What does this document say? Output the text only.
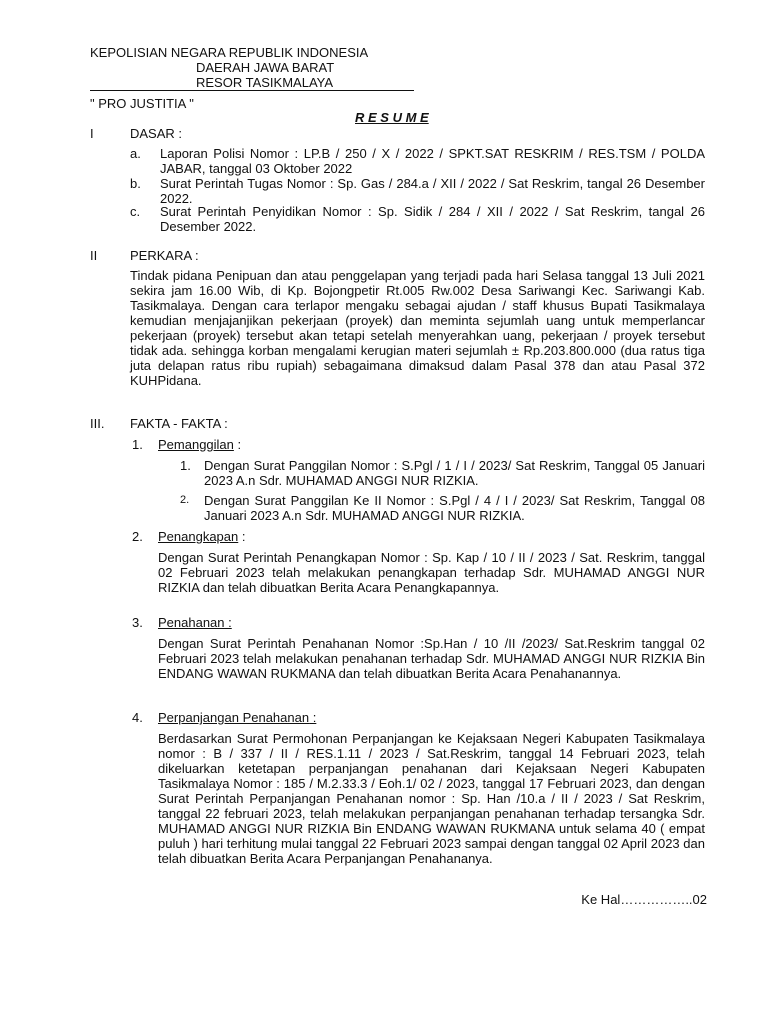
KEPOLISIAN NEGARA REPUBLIK INDONESIA
DAERAH JAWA BARAT
RESOR TASIKMALAYA
" PRO JUSTITIA "
R E S U M E
I	DASAR :
a. Laporan Polisi Nomor : LP.B / 250 / X / 2022 / SPKT.SAT RESKRIM / RES.TSM / POLDA JABAR, tanggal 03 Oktober 2022
b. Surat Perintah Tugas Nomor : Sp. Gas / 284.a / XII / 2022 / Sat Reskrim, tangal 26 Desember 2022.
c. Surat Perintah Penyidikan Nomor : Sp. Sidik / 284 / XII / 2022 / Sat Reskrim, tangal 26 Desember 2022.
II	PERKARA :
Tindak pidana Penipuan dan atau penggelapan yang terjadi pada hari Selasa tanggal 13 Juli 2021 sekira jam 16.00 Wib, di Kp. Bojongpetir Rt.005 Rw.002 Desa Sariwangi Kec. Sariwangi Kab. Tasikmalaya. Dengan cara terlapor mengaku sebagai ajudan / staff khusus Bupati Tasikmalaya kemudian menjajanjikan pekerjaan (proyek) dan meminta sejumlah uang untuk memperlancar pekerjaan (proyek) tersebut akan tetapi setelah menyerahkan uang, pekerjaan / proyek tersebut tidak ada. sehingga korban mengalami kerugian materi sejumlah ± Rp.203.800.000 (dua ratus tiga juta delapan ratus ribu rupiah) sebagaimana dimaksud dalam Pasal 378 dan atau Pasal 372 KUHPidana.
III. FAKTA - FAKTA :
1. Pemanggilan :
1. Dengan Surat Panggilan Nomor : S.Pgl / 1 / I / 2023/ Sat Reskrim, Tanggal 05 Januari 2023 A.n Sdr. MUHAMAD ANGGI NUR RIZKIA.
2. Dengan Surat Panggilan Ke II Nomor : S.Pgl / 4 / I / 2023/ Sat Reskrim, Tanggal 08 Januari 2023 A.n Sdr. MUHAMAD ANGGI NUR RIZKIA.
2. Penangkapan :
Dengan Surat Perintah Penangkapan Nomor : Sp. Kap / 10 / II / 2023 / Sat. Reskrim, tanggal 02 Februari 2023 telah melakukan penangkapan terhadap Sdr. MUHAMAD ANGGI NUR RIZKIA dan telah dibuatkan Berita Acara Penangkapannya.
3. Penahanan :
Dengan Surat Perintah Penahanan Nomor :Sp.Han / 10 /II /2023/ Sat.Reskrim tanggal 02 Februari 2023 telah melakukan penahanan terhadap Sdr. MUHAMAD ANGGI NUR RIZKIA Bin ENDANG WAWAN RUKMANA dan telah dibuatkan Berita Acara Penahanannya.
4. Perpanjangan Penahanan :
Berdasarkan Surat Permohonan Perpanjangan ke Kejaksaan Negeri Kabupaten Tasikmalaya nomor : B / 337 / II / RES.1.11 / 2023 / Sat.Reskrim, tanggal 14 Februari 2023, telah dikeluarkan ketetapan perpanjangan penahanan dari Kejaksaan Negeri Kabupaten Tasikmalaya Nomor : 185 / M.2.33.3 / Eoh.1/ 02 / 2023, tanggal 17 Februari 2023, dan dengan Surat Perintah Perpanjangan Penahanan nomor : Sp. Han /10.a / II / 2023 / Sat Reskrim, tanggal 22 februari 2023, telah melakukan perpanjangan penahanan terhadap tersangka Sdr. MUHAMAD ANGGI NUR RIZKIA Bin ENDANG WAWAN RUKMANA untuk selama 40 ( empat puluh ) hari terhitung mulai tanggal 22 Februari 2023 sampai dengan tanggal 02 April 2023 dan telah dibuatkan Berita Acara Perpanjangan Penahananya.
Ke Hal……………..02
